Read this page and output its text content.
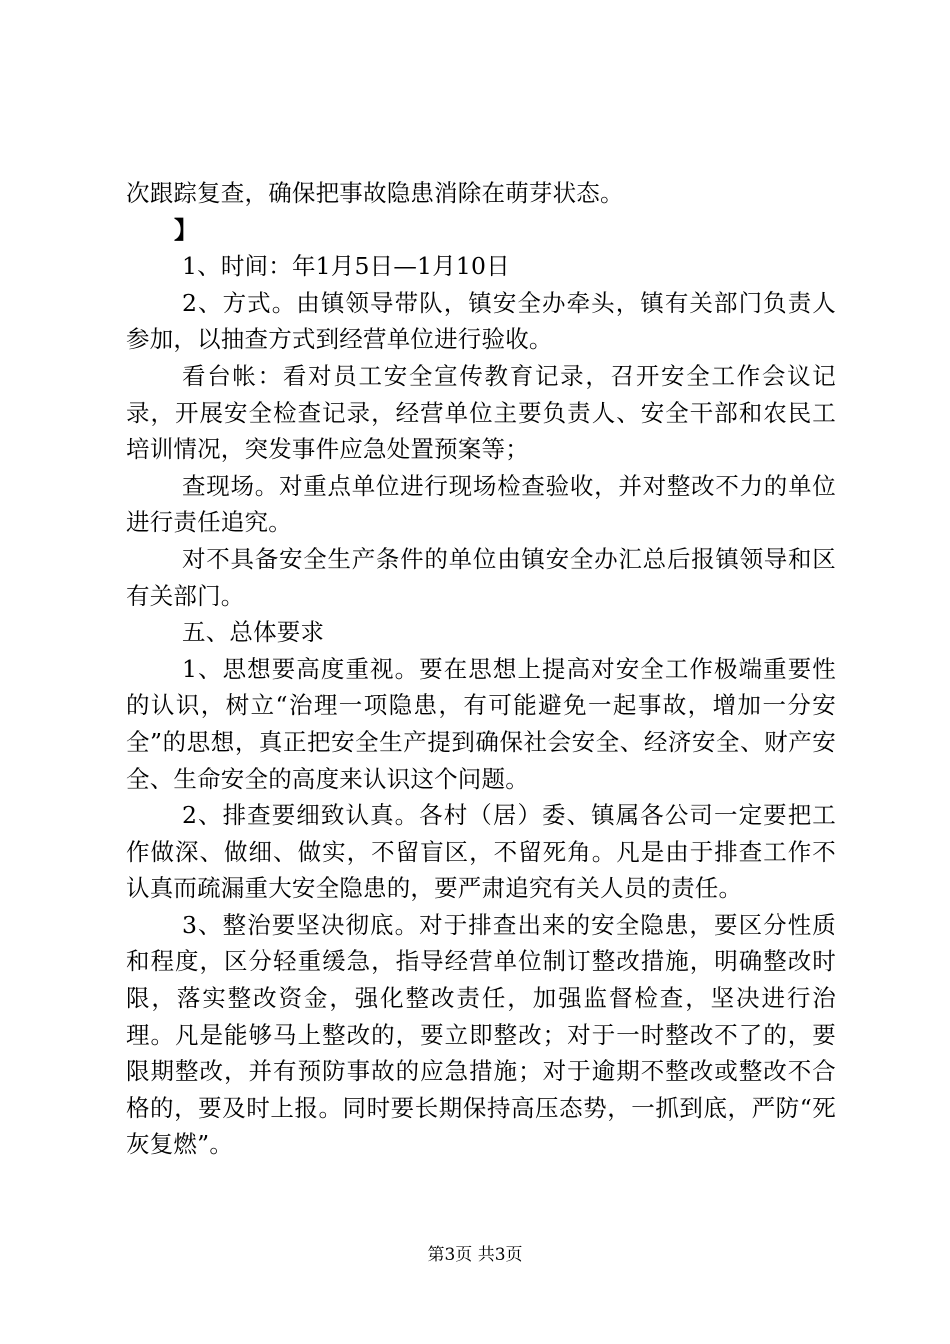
次跟踪复查，确保把事故隐患消除在萌芽状态。

】

1、时间：年1月5日—1月10日

2、方式。由镇领导带队，镇安全办牵头，镇有关部门负责人参加，以抽查方式到经营单位进行验收。

看台帐：看对员工安全宣传教育记录，召开安全工作会议记录，开展安全检查记录，经营单位主要负责人、安全干部和农民工培训情况，突发事件应急处置预案等；

查现场。对重点单位进行现场检查验收，并对整改不力的单位进行责任追究。

对不具备安全生产条件的单位由镇安全办汇总后报镇领导和区有关部门。

五、总体要求

1、思想要高度重视。要在思想上提高对安全工作极端重要性的认识，树立“治理一项隐患，有可能避免一起事故，增加一分安全”的思想，真正把安全生产提到确保社会安全、经济安全、财产安全、生命安全的高度来认识这个问题。

2、排查要细致认真。各村（居）委、镇属各公司一定要把工作做深、做细、做实，不留盲区，不留死角。凡是由于排查工作不认真而疏漏重大安全隐患的，要严肃追究有关人员的责任。

3、整治要坚决彻底。对于排查出来的安全隐患，要区分性质和程度，区分轻重缓急，指导经营单位制订整改措施，明确整改时限，落实整改资金，强化整改责任，加强监督检查，坚决进行治理。凡是能够马上整改的，要立即整改；对于一时整改不了的，要限期整改，并有预防事故的应急措施；对于逾期不整改或整改不合格的，要及时上报。同时要长期保持高压态势，一抓到底，严防“死灰复燃”。

第3页 共3页
